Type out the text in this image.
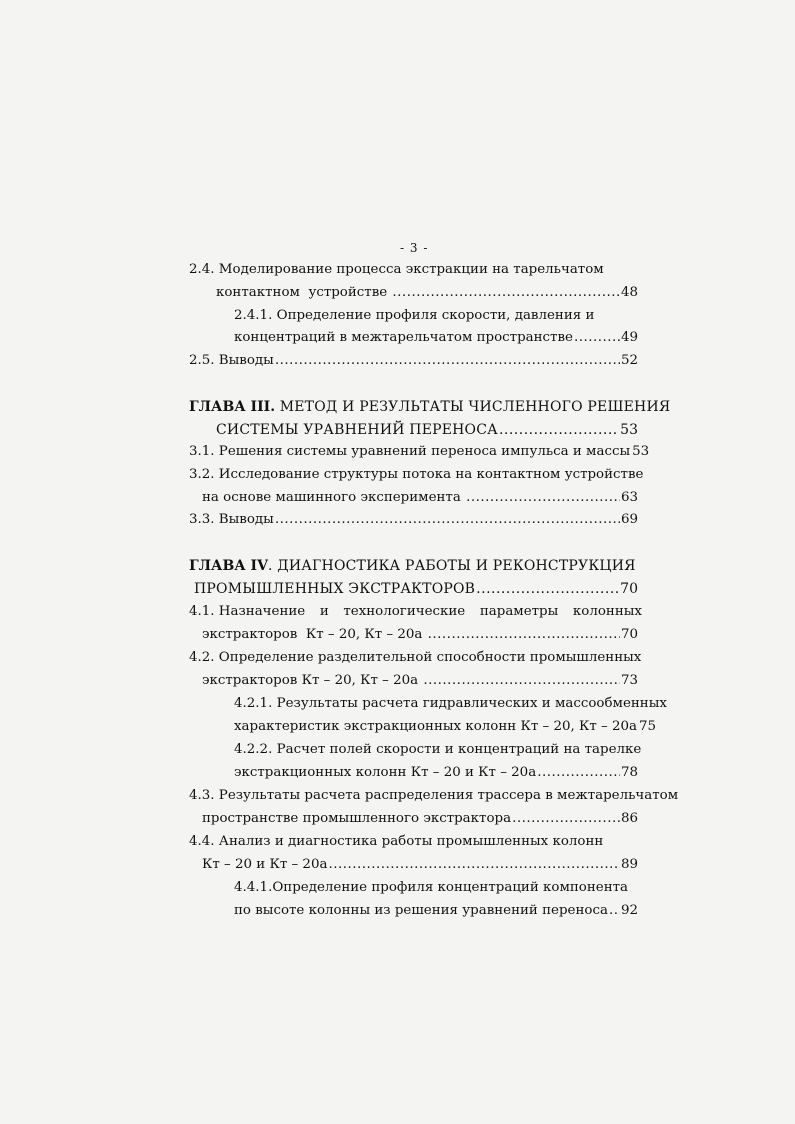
- 3 -
2.4. Моделирование процесса экстракции на тарельчатом
контактном  устройстве .....	48
2.4.1. Определение профиля скорости, давления и
концентраций в межтарельчатом пространстве .....	49
2.5. Выводы .....	52
ГЛАВА III. МЕТОД И РЕЗУЛЬТАТЫ ЧИСЛЕННОГО РЕШЕНИЯ
СИСТЕМЫ УРАВНЕНИЙ ПЕРЕНОСА .....	53
3.1. Решения системы уравнений переноса импульса и массы 53
3.2. Исследование структуры потока на контактном устройстве
на основе машинного эксперимента .....	63
3.3. Выводы .....	69
ГЛАВА IV . ДИАГНОСТИКА РАБОТЫ И РЕКОНСТРУКЦИЯ
ПРОМЫШЛЕННЫХ ЭКСТРАКТОРОВ .....	70
4.1. Назначение и технологические параметры колонных
экстракторов  Кт – 20, Кт – 20а .....	70
4.2. Определение разделительной способности промышленных
экстракторов Кт – 20, Кт – 20а .....	73
4.2.1. Результаты расчета гидравлических и массообменных
характеристик экстракционных колонн Кт – 20, Кт – 20а 75
4.2.2. Расчет полей скорости и концентраций на тарелке
экстракционных колонн Кт – 20 и Кт – 20а .....	78
4.3. Результаты расчета распределения трассера в межтарельчатом
пространстве промышленного экстрактора .....	86
4.4. Анализ и диагностика работы промышленных колонн
Кт – 20 и Кт – 20а .....	89
4.4.1.Определение профиля концентраций компонента
по высоте колонны из решения уравнений переноса ..... 92
